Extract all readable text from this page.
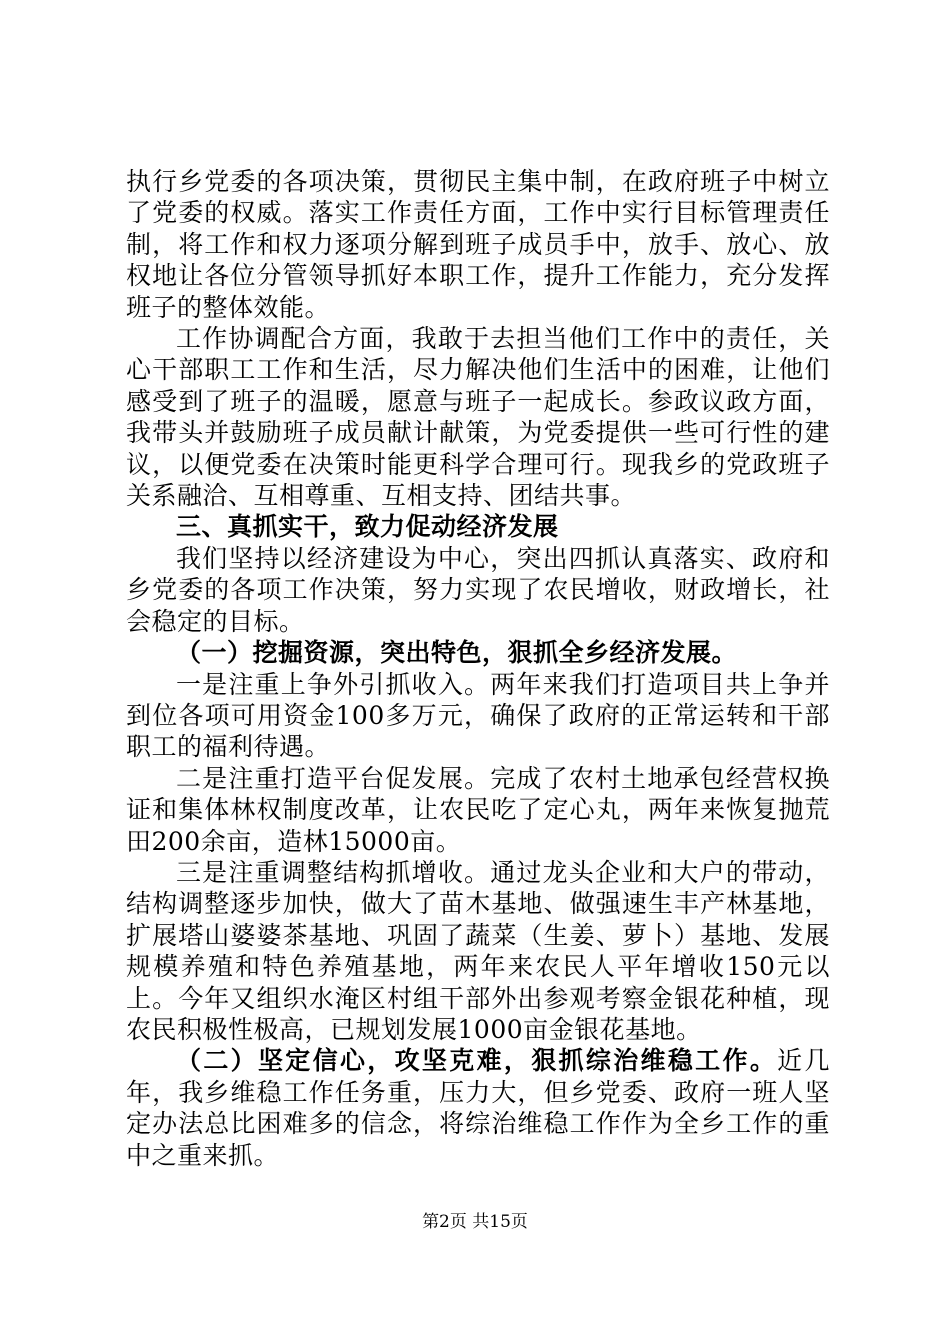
执行乡党委的各项决策，贯彻民主集中制，在政府班子中树立了党委的权威。落实工作责任方面，工作中实行目标管理责任制，将工作和权力逐项分解到班子成员手中，放手、放心、放权地让各位分管领导抓好本职工作，提升工作能力，充分发挥班子的整体效能。

工作协调配合方面，我敢于去担当他们工作中的责任，关心干部职工工作和生活，尽力解决他们生活中的困难，让他们感受到了班子的温暖，愿意与班子一起成长。参政议政方面，我带头并鼓励班子成员献计献策，为党委提供一些可行性的建议，以便党委在决策时能更科学合理可行。现我乡的党政班子关系融洽、互相尊重、互相支持、团结共事。

三、真抓实干，致力促动经济发展

我们坚持以经济建设为中心，突出四抓认真落实、政府和乡党委的各项工作决策，努力实现了农民增收，财政增长，社会稳定的目标。

（一）挖掘资源，突出特色，狠抓全乡经济发展。

一是注重上争外引抓收入。两年来我们打造项目共上争并到位各项可用资金100多万元，确保了政府的正常运转和干部职工的福利待遇。

二是注重打造平台促发展。完成了农村土地承包经营权换证和集体林权制度改革，让农民吃了定心丸，两年来恢复抛荒田200余亩，造林15000亩。

三是注重调整结构抓增收。通过龙头企业和大户的带动，结构调整逐步加快，做大了苗木基地、做强速生丰产林基地，扩展塔山婆婆茶基地、巩固了蔬菜（生姜、萝卜）基地、发展规模养殖和特色养殖基地，两年来农民人平年增收150元以上。今年又组织水淹区村组干部外出参观考察金银花种植，现农民积极性极高，已规划发展1000亩金银花基地。

（二）坚定信心，攻坚克难，狠抓综治维稳工作。近几年，我乡维稳工作任务重，压力大，但乡党委、政府一班人坚定办法总比困难多的信念，将综治维稳工作作为全乡工作的重中之重来抓。

第2页 共15页
